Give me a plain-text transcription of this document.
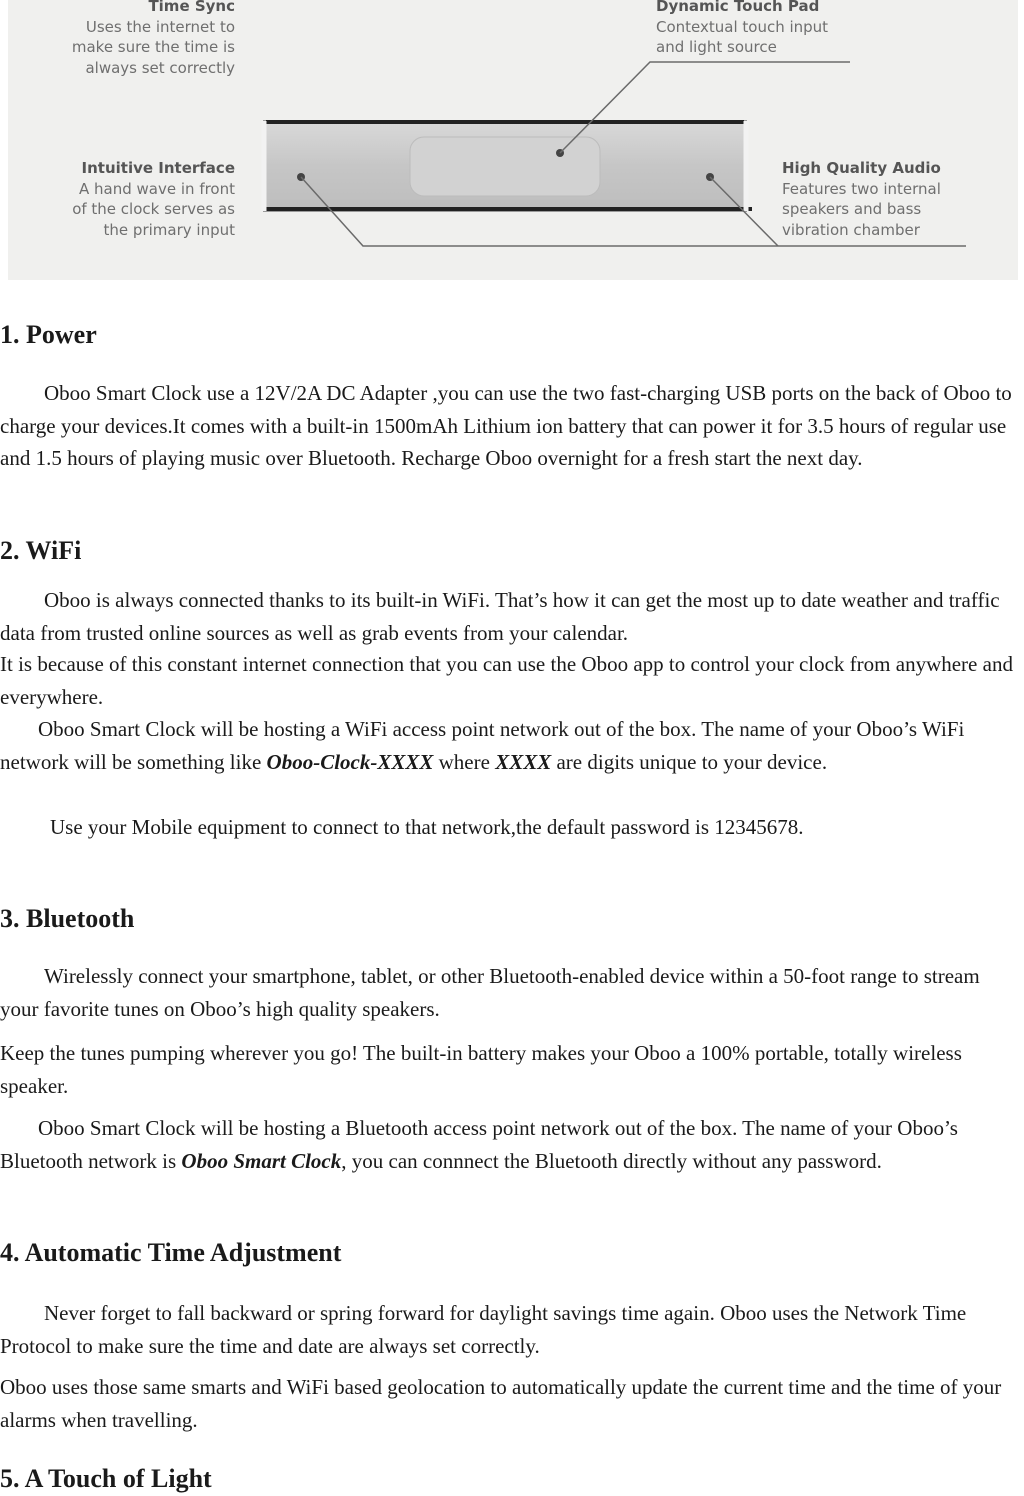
Time Sync
Uses the internet to
make sure the time is
always set correctly

Dynamic Touch Pad
Contextual touch input
and light source

Intuitive Interface
A hand wave in front
of the clock serves as
the primary input

High Quality Audio
Features two internal
speakers and bass
vibration chamber

1. Power

Oboo Smart Clock use a 12V/2A DC Adapter ,you can use the two fast-charging USB ports on the back of Oboo to charge your devices.It comes with a built-in 1500mAh Lithium ion battery that can power it for 3.5 hours of regular use and 1.5 hours of playing music over Bluetooth. Recharge Oboo overnight for a fresh start the next day.

2. WiFi

Oboo is always connected thanks to its built-in WiFi. That’s how it can get the most up to date weather and traffic data from trusted online sources as well as grab events from your calendar.

It is because of this constant internet connection that you can use the Oboo app to control your clock from anywhere and everywhere.

Oboo Smart Clock will be hosting a WiFi access point network out of the box. The name of your Oboo’s WiFi network will be something like Oboo-Clock-XXXX where XXXX are digits unique to your device.

Use your Mobile equipment to connect to that network,the default password is 12345678.

3. Bluetooth

Wirelessly connect your smartphone, tablet, or other Bluetooth-enabled device within a 50-foot range to stream your favorite tunes on Oboo’s high quality speakers.

Keep the tunes pumping wherever you go! The built-in battery makes your Oboo a 100% portable, totally wireless speaker.

Oboo Smart Clock will be hosting a Bluetooth access point network out of the box. The name of your Oboo’s Bluetooth network is Oboo Smart Clock, you can connnect the Bluetooth directly without any password.

4. Automatic Time Adjustment

Never forget to fall backward or spring forward for daylight savings time again. Oboo uses the Network Time Protocol to make sure the time and date are always set correctly.

Oboo uses those same smarts and WiFi based geolocation to automatically update the current time and the time of your alarms when travelling.

5. A Touch of Light
